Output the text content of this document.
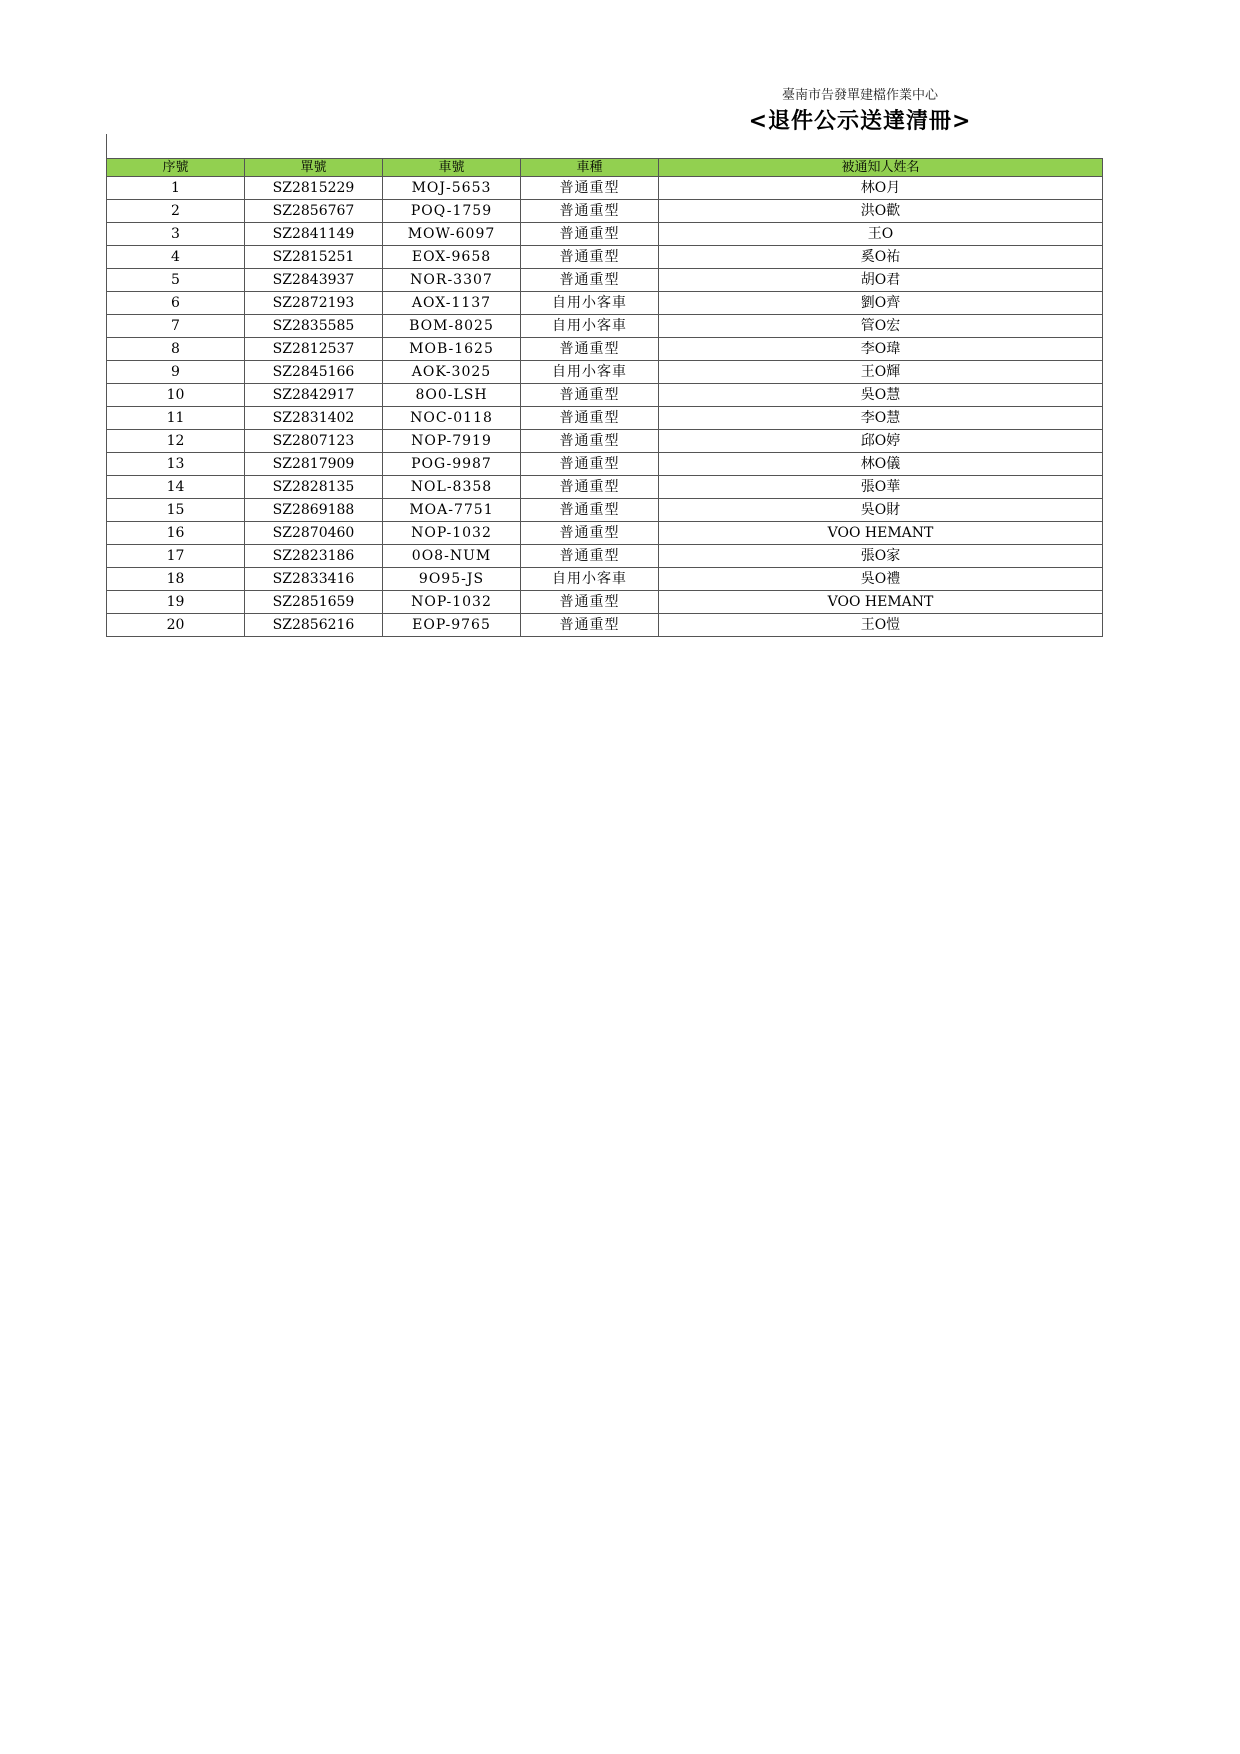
臺南市告發單建檔作業中心
<退件公示送達清冊>
序號	單號	車號	車種	被通知人姓名
1	SZ2815229	MOJ-5653	普通重型	林O月
2	SZ2856767	POQ-1759	普通重型	洪O歡
3	SZ2841149	MOW-6097	普通重型	王O
4	SZ2815251	EOX-9658	普通重型	奚O祐
5	SZ2843937	NOR-3307	普通重型	胡O君
6	SZ2872193	AOX-1137	自用小客車	劉O齊
7	SZ2835585	BOM-8025	自用小客車	管O宏
8	SZ2812537	MOB-1625	普通重型	李O瑋
9	SZ2845166	AOK-3025	自用小客車	王O輝
10	SZ2842917	8O0-LSH	普通重型	吳O慧
11	SZ2831402	NOC-0118	普通重型	李O慧
12	SZ2807123	NOP-7919	普通重型	邱O婷
13	SZ2817909	POG-9987	普通重型	林O儀
14	SZ2828135	NOL-8358	普通重型	張O華
15	SZ2869188	MOA-7751	普通重型	吳O財
16	SZ2870460	NOP-1032	普通重型	VOO HEMANT
17	SZ2823186	0O8-NUM	普通重型	張O家
18	SZ2833416	9O95-JS	自用小客車	吳O禮
19	SZ2851659	NOP-1032	普通重型	VOO HEMANT
20	SZ2856216	EOP-9765	普通重型	王O愷
